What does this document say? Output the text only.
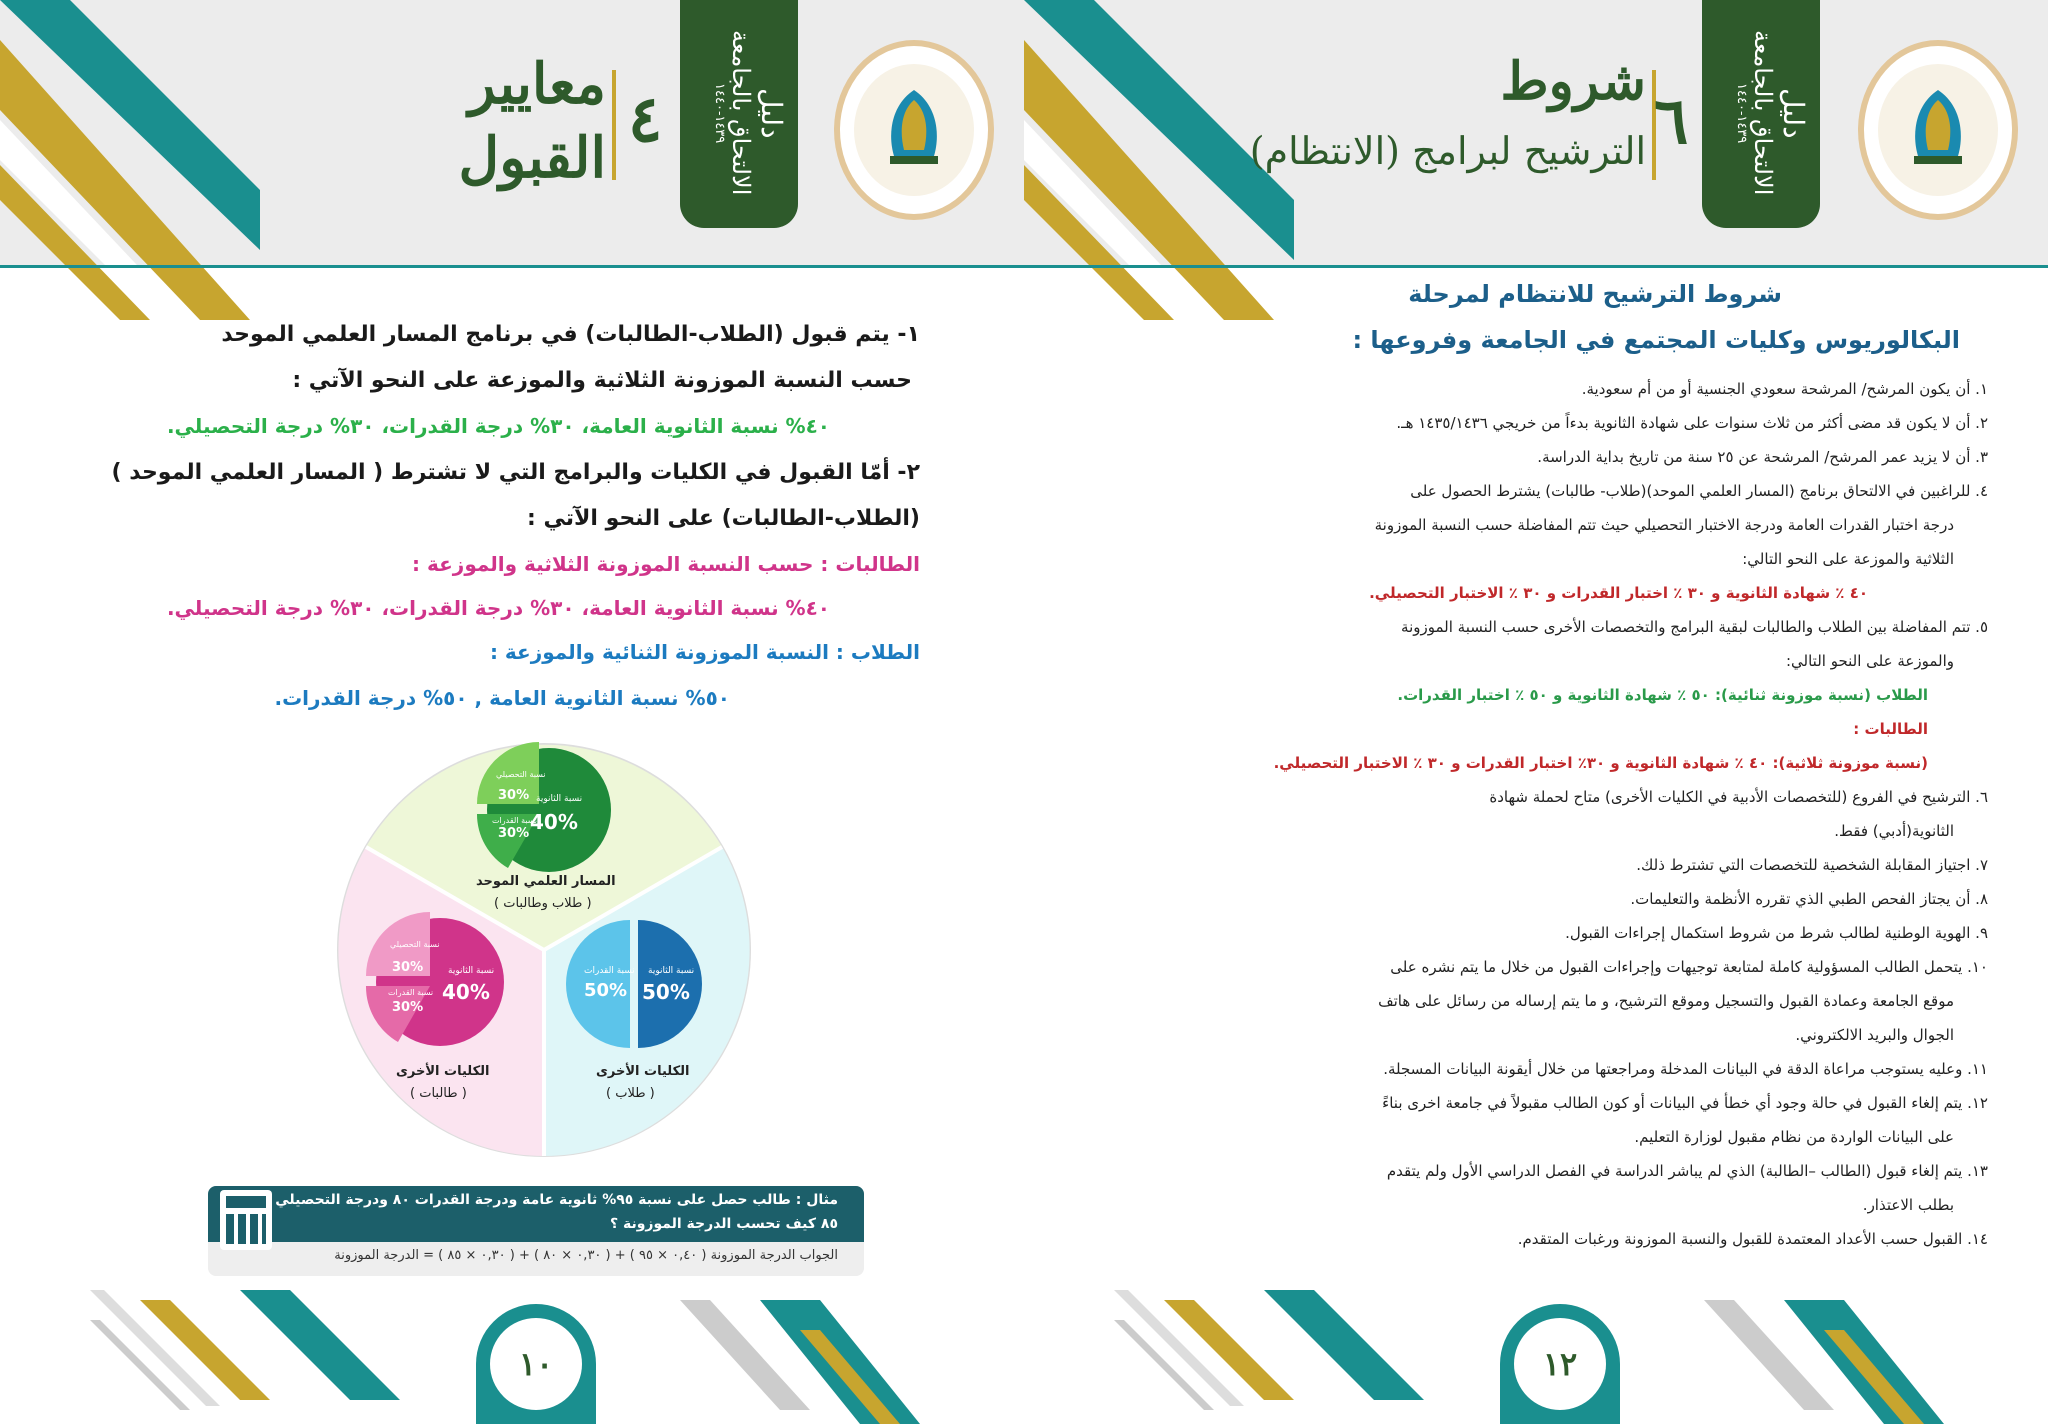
معايير
القبول
٤	دليل
الالتحاق بالجامعة
١٤٣٩-١٤٤٠
١- يتم قبول (الطلاب-الطالبات) في برنامج المسار العلمي الموحد
حسب النسبة الموزونة الثلاثية والموزعة على النحو الآتي :
٤٠% نسبة الثانوية العامة، ٣٠% درجة القدرات، ٣٠% درجة التحصيلي.
٢- أمّا القبول في الكليات والبرامج التي لا تشترط ( المسار العلمي الموحد )
(الطلاب-الطالبات) على النحو الآتي :
الطالبات : حسب النسبة الموزونة الثلاثية والموزعة :
٤٠% نسبة الثانوية العامة، ٣٠% درجة القدرات، ٣٠% درجة التحصيلي.
الطلاب : النسبة الموزونة الثنائية والموزعة :
٥٠% نسبة الثانوية العامة , ٥٠% درجة القدرات.
40%
نسبة الثانوية
30%
نسبة التحصيلي
30%
نسبة القدرات
المسار العلمي الموحد
( طلاب وطالبات )
40%
نسبة الثانوية
30%
نسبة التحصيلي
30%
نسبة القدرات
الكليات الأخرى
( طالبات )
50%
نسبة الثانوية
50%
نسبة القدرات
الكليات الأخرى
( طلاب )
مثال : طالب حصل على نسبة ٩٥% ثانوية عامة ودرجة القدرات ٨٠ ودرجة التحصيلي
٨٥ كيف تحسب الدرجة الموزونة ؟
الجواب الدرجة الموزونة ( ٠,٤٠ × ٩٥ ) + ( ٠,٣٠ × ٨٠ ) + ( ٠,٣٠ × ٨٥ ) = الدرجة الموزونة
١٠
شروط
الترشيح لبرامج (الانتظام) ٦	دليل
الالتحاق بالجامعة
١٤٣٩-١٤٤٠
شروط الترشيح للانتظام لمرحلة
البكالوريوس وكليات المجتمع في الجامعة وفروعها :
١. أن يكون المرشح/ المرشحة سعودي الجنسية أو من أم سعودية.
٢. أن لا يكون قد مضى أكثر من ثلاث سنوات على شهادة الثانوية بدءاً من خريجي ١٤٣٥/١٤٣٦ هـ.
٣. أن لا يزيد عمر المرشح/ المرشحة عن ٢٥ سنة من تاريخ بداية الدراسة.
٤. للراغبين في الالتحاق برنامج (المسار العلمي الموحد)(طلاب- طالبات) يشترط الحصول على
درجة اختبار القدرات العامة ودرجة الاختبار التحصيلي حيث تتم المفاضلة حسب النسبة الموزونة
الثلاثية والموزعة على النحو التالي:
٤٠ ٪ شهادة الثانوية و ٣٠ ٪ اختبار القدرات و ٣٠ ٪ الاختبار التحصيلي.
٥. تتم المفاضلة بين الطلاب والطالبات لبقية البرامج والتخصصات الأخرى حسب النسبة الموزونة
والموزعة على النحو التالي:
الطلاب (نسبة موزونة ثنائية): ٥٠ ٪ شهادة الثانوية و ٥٠ ٪ اختبار القدرات.
الطالبات :
(نسبة موزونة ثلاثية): ٤٠ ٪ شهادة الثانوية و ٣٠٪ اختبار القدرات و ٣٠ ٪ الاختبار التحصيلي.
٦. الترشيح في الفروع (للتخصصات الأدبية في الكليات الأخرى) متاح لحملة شهادة
الثانوية(أدبي) فقط.
٧. اجتياز المقابلة الشخصية للتخصصات التي تشترط ذلك.
٨. أن يجتاز الفحص الطبي الذي تقرره الأنظمة والتعليمات.
٩. الهوية الوطنية لطالب شرط من شروط استكمال إجراءات القبول.
١٠. يتحمل الطالب المسؤولية كاملة لمتابعة توجيهات وإجراءات القبول من خلال ما يتم نشره على
موقع الجامعة وعمادة القبول والتسجيل وموقع الترشيح، و ما يتم إرساله من رسائل على هاتف
الجوال والبريد الالكتروني.
١١. وعليه يستوجب مراعاة الدقة في البيانات المدخلة ومراجعتها من خلال أيقونة البيانات المسجلة.
١٢. يتم إلغاء القبول في حالة وجود أي خطأ في البيانات أو كون الطالب مقبولاً في جامعة اخرى بناءً
على البيانات الواردة من نظام مقبول لوزارة التعليم.
١٣. يتم إلغاء قبول (الطالب –الطالبة) الذي لم يباشر الدراسة في الفصل الدراسي الأول ولم يتقدم
بطلب الاعتذار.
١٤. القبول حسب الأعداد المعتمدة للقبول والنسبة الموزونة ورغبات المتقدم.
١٢
